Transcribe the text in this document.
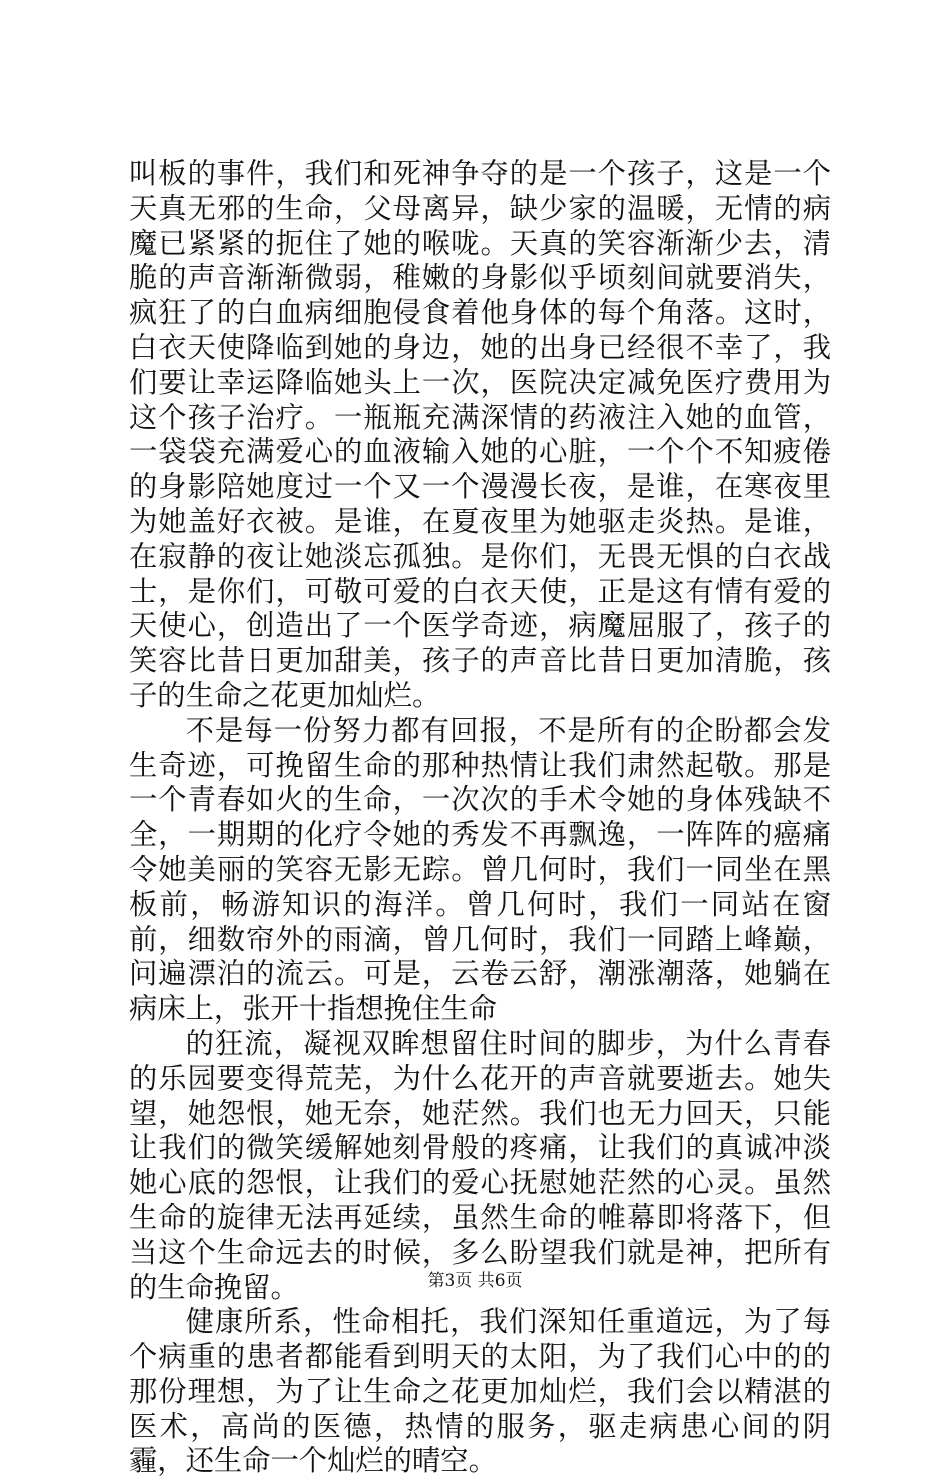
叫板的事件，我们和死神争夺的是一个孩子，这是一个天真无邪的生命，父母离异，缺少家的温暖，无情的病魔已紧紧的扼住了她的喉咙。天真的笑容渐渐少去，清脆的声音渐渐微弱，稚嫩的身影似乎顷刻间就要消失，疯狂了的白血病细胞侵食着他身体的每个角落。这时，白衣天使降临到她的身边，她的出身已经很不幸了，我们要让幸运降临她头上一次，医院决定减免医疗费用为这个孩子治疗。一瓶瓶充满深情的药液注入她的血管，一袋袋充满爱心的血液输入她的心脏，一个个不知疲倦的身影陪她度过一个又一个漫漫长夜，是谁，在寒夜里为她盖好衣被。是谁，在夏夜里为她驱走炎热。是谁，在寂静的夜让她淡忘孤独。是你们，无畏无惧的白衣战士，是你们，可敬可爱的白衣天使，正是这有情有爱的天使心，创造出了一个医学奇迹，病魔屈服了，孩子的笑容比昔日更加甜美，孩子的声音比昔日更加清脆，孩子的生命之花更加灿烂。

不是每一份努力都有回报，不是所有的企盼都会发生奇迹，可挽留生命的那种热情让我们肃然起敬。那是一个青春如火的生命，一次次的手术令她的身体残缺不全，一期期的化疗令她的秀发不再飘逸，一阵阵的癌痛令她美丽的笑容无影无踪。曾几何时，我们一同坐在黑板前，畅游知识的海洋。曾几何时，我们一同站在窗前，细数帘外的雨滴，曾几何时，我们一同踏上峰巅，问遍漂泊的流云。可是，云卷云舒，潮涨潮落，她躺在病床上，张开十指想挽住生命

的狂流，凝视双眸想留住时间的脚步，为什么青春的乐园要变得荒芜，为什么花开的声音就要逝去。她失望，她怨恨，她无奈，她茫然。我们也无力回天，只能让我们的微笑缓解她刻骨般的疼痛，让我们的真诚冲淡她心底的怨恨，让我们的爱心抚慰她茫然的心灵。虽然生命的旋律无法再延续，虽然生命的帷幕即将落下，但当这个生命远去的时候，多么盼望我们就是神，把所有的生命挽留。

健康所系，性命相托，我们深知任重道远，为了每个病重的患者都能看到明天的太阳，为了我们心中的的那份理想，为了让生命之花更加灿烂，我们会以精湛的医术，高尚的医德，热情的服务，驱走病患心间的阴霾，还生命一个灿烂的晴空。

第3页 共6页
